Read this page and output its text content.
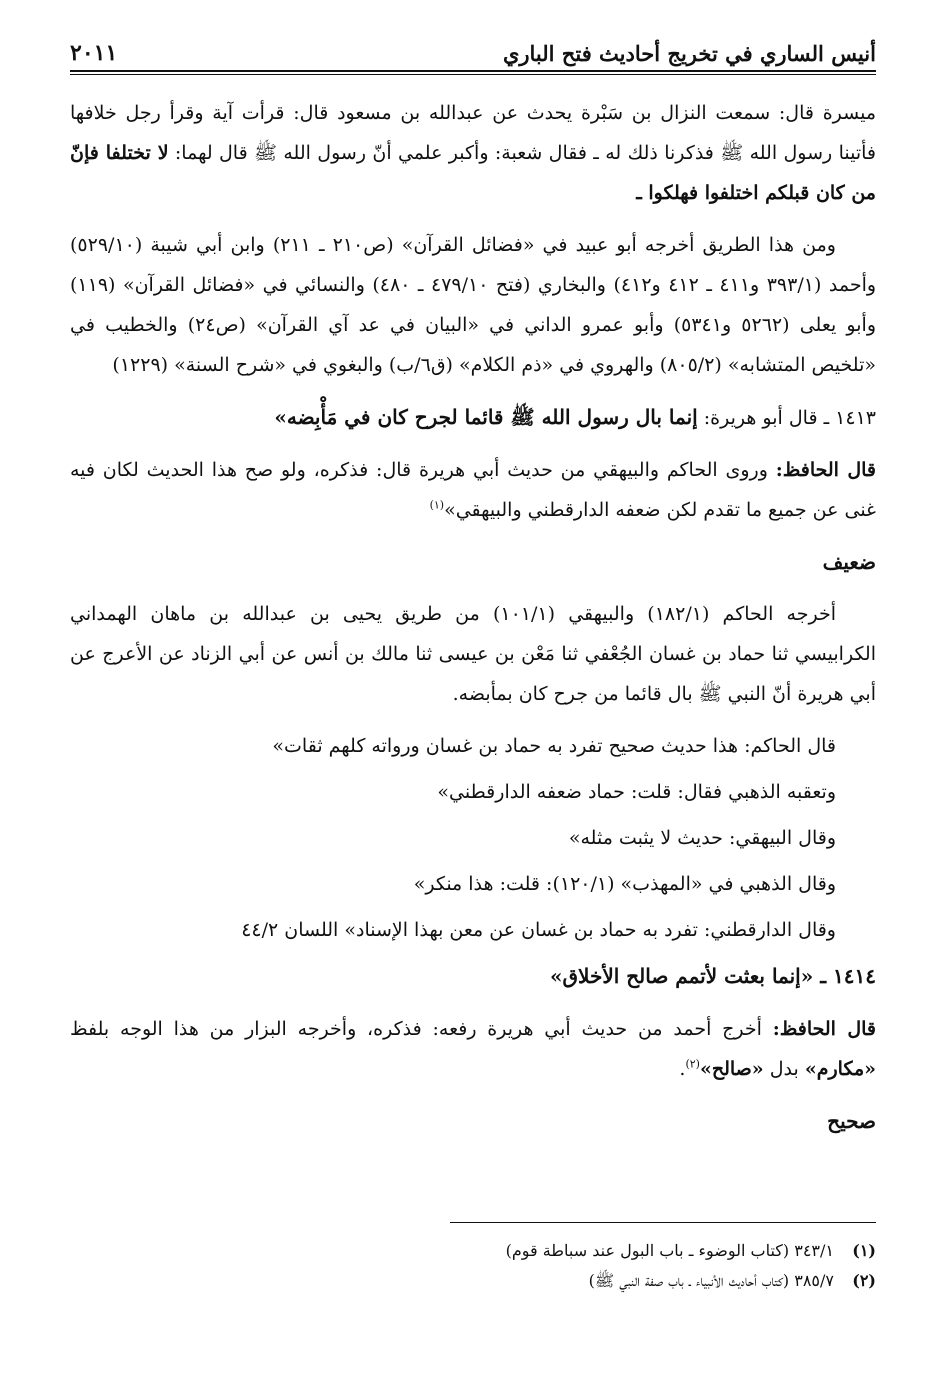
أنيس الساري في تخريج أحاديث فتح الباري
٢٠١١

ميسرة قال: سمعت النزال بن سَبْرة يحدث عن عبدالله بن مسعود قال: قرأت آية وقرأ رجل خلافها فأتينا رسول الله ﷺ فذكرنا ذلك له ـ فقال شعبة: وأكبر علمي أنّ رسول الله ﷺ قال لهما: لا تختلفا فإنّ من كان قبلكم اختلفوا فهلكوا ـ

ومن هذا الطريق أخرجه أبو عبيد في «فضائل القرآن» (ص٢١٠ ـ ٢١١) وابن أبي شيبة (٥٢٩/١٠) وأحمد (٣٩٣/١ و٤١١ ـ ٤١٢ و٤١٢) والبخاري (فتح ٤٧٩/١٠ ـ ٤٨٠) والنسائي في «فضائل القرآن» (١١٩) وأبو يعلى (٥٢٦٢ و٥٣٤١) وأبو عمرو الداني في «البيان في عد آي القرآن» (ص٢٤) والخطيب في «تلخيص المتشابه» (٨٠٥/٢) والهروي في «ذم الكلام» (ق٦/ب) والبغوي في «شرح السنة» (١٢٢٩)

١٤١٣ ـ قال أبو هريرة: إنما بال رسول الله ﷺ قائما لجرح كان في مَأْبِضه»

قال الحافظ: وروى الحاكم والبيهقي من حديث أبي هريرة قال: فذكره، ولو صح هذا الحديث لكان فيه غنى عن جميع ما تقدم لكن ضعفه الدارقطني والبيهقي»$^{(١)}$

ضعيف

أخرجه الحاكم (١٨٢/١) والبيهقي (١٠١/١) من طريق يحيى بن عبدالله بن ماهان الهمداني الكرابيسي ثنا حماد بن غسان الجُعْفي ثنا مَعْن بن عيسى ثنا مالك بن أنس عن أبي الزناد عن الأعرج عن أبي هريرة أنّ النبي ﷺ بال قائما من جرح كان بمأبضه.

قال الحاكم: هذا حديث صحيح تفرد به حماد بن غسان ورواته كلهم ثقات»

وتعقبه الذهبي فقال: قلت: حماد ضعفه الدارقطني»

وقال البيهقي: حديث لا يثبت مثله»

وقال الذهبي في «المهذب» (١٢٠/١): قلت: هذا منكر»

وقال الدارقطني: تفرد به حماد بن غسان عن معن بهذا الإسناد» اللسان ٤٤/٢

١٤١٤ ـ «إنما بعثت لأتمم صالح الأخلاق»

قال الحافظ: أخرج أحمد من حديث أبي هريرة رفعه: فذكره، وأخرجه البزار من هذا الوجه بلفظ «مكارم» بدل «صالح»$^{(٢)}$.

صحيح

(١)
٣٤٣/١ (كتاب الوضوء ـ باب البول عند سباطة قوم)
(٢)
٣٨٥/٧ (كتاب أحاديث الأنبياء ـ باب صفة النبي ﷺ)
